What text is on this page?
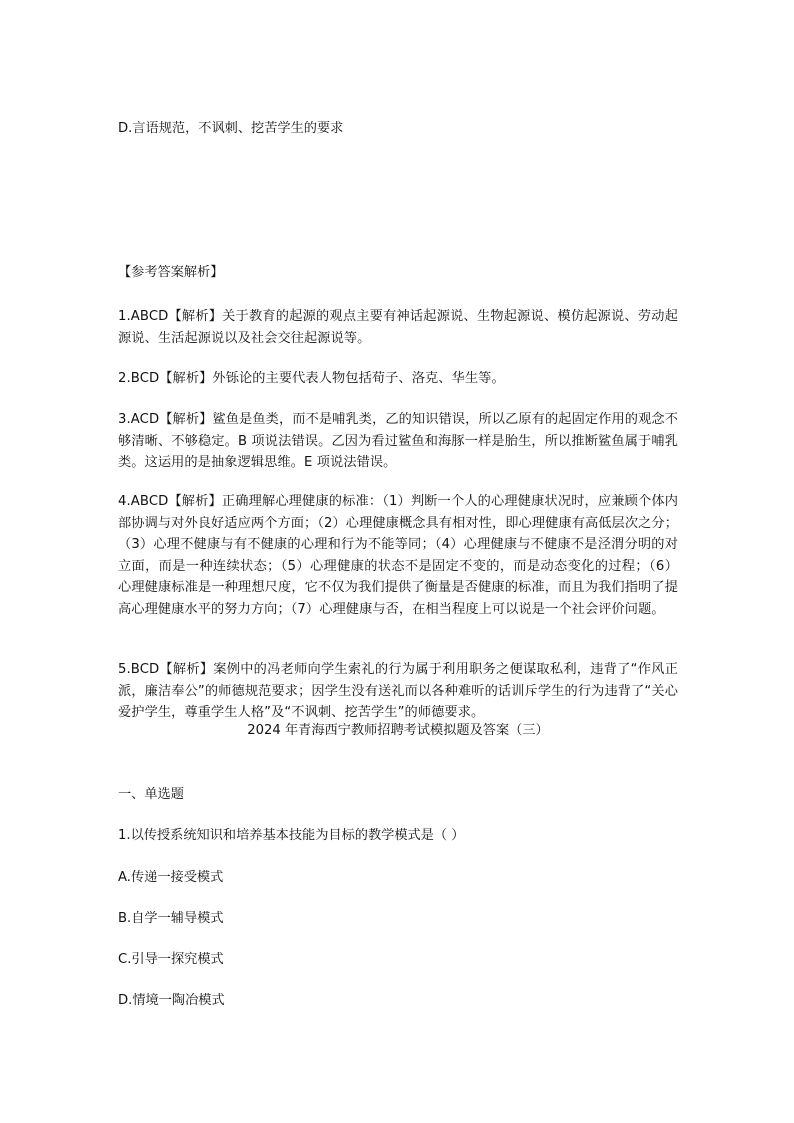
D.言语规范，不讽刺、挖苦学生的要求

【参考答案解析】

1.ABCD【解析】关于教育的起源的观点主要有神话起源说、生物起源说、模仿起源说、劳动起源说、生活起源说以及社会交往起源说等。

2.BCD【解析】外铄论的主要代表人物包括荀子、洛克、华生等。

3.ACD【解析】鲨鱼是鱼类，而不是哺乳类，乙的知识错误，所以乙原有的起固定作用的观念不够清晰、不够稳定。B 项说法错误。乙因为看过鲨鱼和海豚一样是胎生，所以推断鲨鱼属于哺乳类。这运用的是抽象逻辑思维。E 项说法错误。

4.ABCD【解析】正确理解心理健康的标准：（1）判断一个人的心理健康状况时，应兼顾个体内部协调与对外良好适应两个方面；（2）心理健康概念具有相对性，即心理健康有高低层次之分；（3）心理不健康与有不健康的心理和行为不能等同；（4）心理健康与不健康不是泾渭分明的对立面，而是一种连续状态；（5）心理健康的状态不是固定不变的，而是动态变化的过程；（6）心理健康标准是一种理想尺度，它不仅为我们提供了衡量是否健康的标准，而且为我们指明了提高心理健康水平的努力方向；（7）心理健康与否，在相当程度上可以说是一个社会评价问题。

5.BCD【解析】案例中的冯老师向学生索礼的行为属于利用职务之便谋取私利，违背了“作风正派，廉洁奉公”的师德规范要求；因学生没有送礼而以各种难听的话训斥学生的行为违背了“关心爱护学生，尊重学生人格”及“不讽刺、挖苦学生”的师德要求。

2024 年青海西宁教师招聘考试模拟题及答案（三）

一、单选题

1.以传授系统知识和培养基本技能为目标的教学模式是（ ）

A.传递一接受模式

B.自学一辅导模式

C.引导一探究模式

D.情境一陶冶模式
